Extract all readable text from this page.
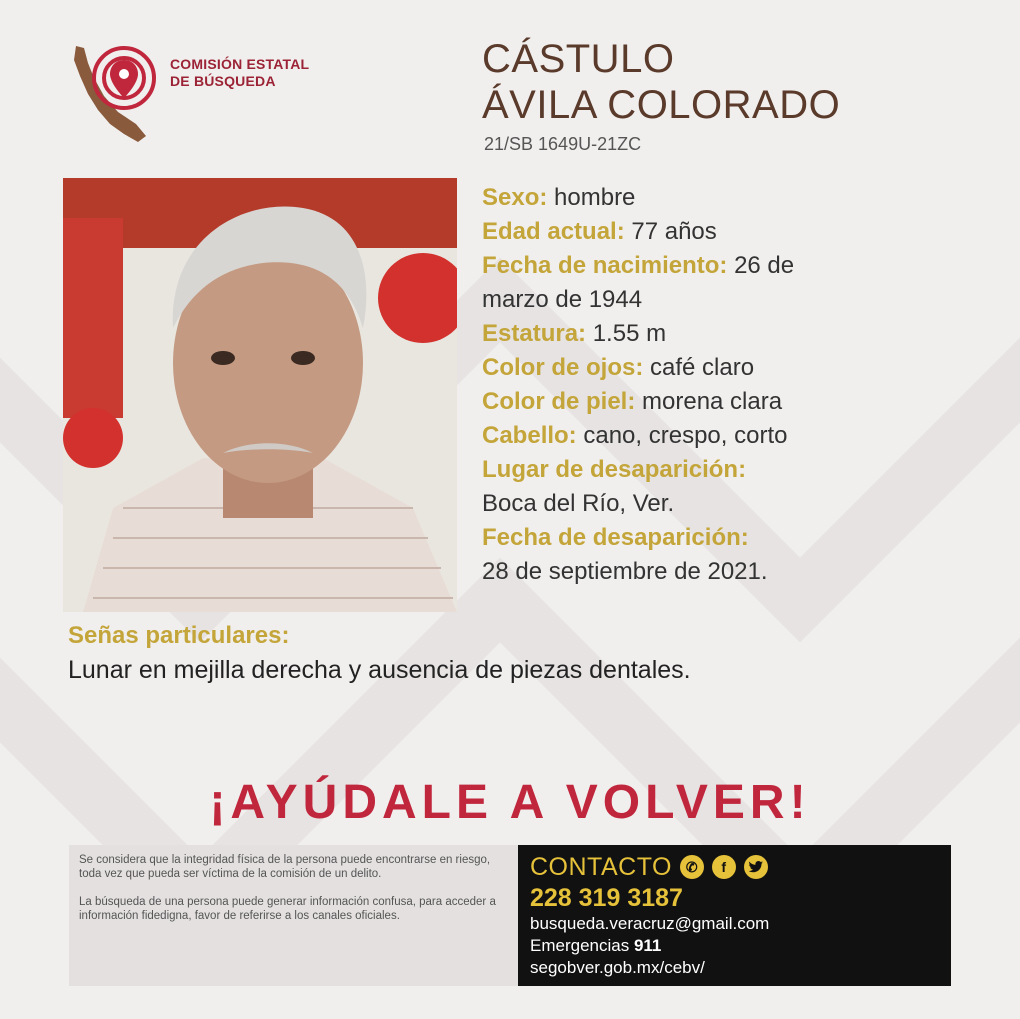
COMISIÓN ESTATAL
DE BÚSQUEDA	CÁSTULO
ÁVILA COLORADO
21/SB 1649U-21ZC
Sexo: hombre
Edad actual: 77 años
Fecha de nacimiento: 26 de
marzo de 1944
Estatura: 1.55 m
Color de ojos: café claro
Color de piel: morena clara
Cabello: cano, crespo, corto
Lugar de desaparición:
Boca del Río, Ver.
Fecha de desaparición:
28 de septiembre de 2021.
Señas particulares:
Lunar en mejilla derecha y ausencia de piezas dentales.
¡AYÚDALE A VOLVER!

Se considera que la integridad física de la persona puede encontrarse en riesgo, toda vez que pueda ser víctima de la comisión de un delito.

La búsqueda de una persona puede generar información confusa, para acceder a información fidedigna, favor de referirse a los canales oficiales.

CONTACTO ✆	f
228 319 3187
busqueda.veracruz@gmail.com
Emergencias 911
segobver.gob.mx/cebv/
